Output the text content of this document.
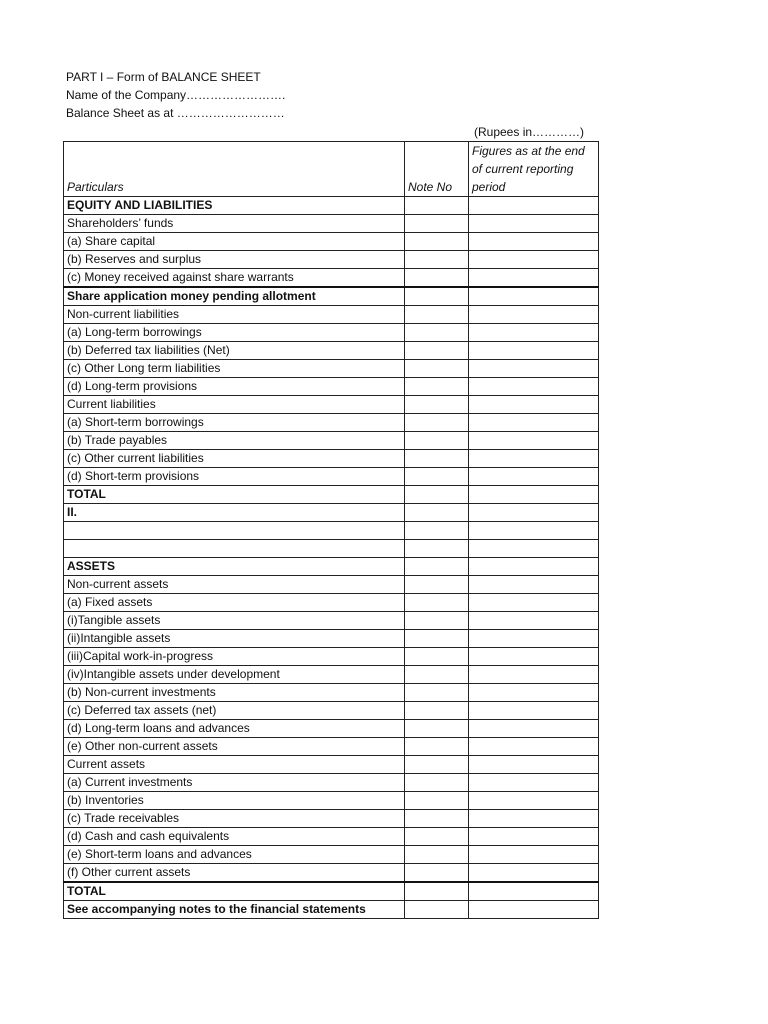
PART I – Form of BALANCE SHEET
Name of the Company…………………….
Balance Sheet as at ………………………
(Rupees in…………)
Particulars	Note No	Figures as at the end of current reporting period
EQUITY AND LIABILITIES		
Shareholders’ funds		
(a) Share capital		
(b) Reserves and surplus		
(c) Money received against share warrants		
Share application money pending allotment		
Non-current liabilities		
(a) Long-term borrowings		
(b) Deferred tax liabilities (Net)		
(c) Other Long term liabilities		
(d) Long-term provisions		
Current liabilities		
(a) Short-term borrowings		
(b) Trade payables		
(c) Other current liabilities		
(d) Short-term provisions		
TOTAL		
II.		

ASSETS		
Non-current assets		
(a) Fixed assets		
(i)Tangible assets		
(ii)Intangible assets		
(iii)Capital work-in-progress		
(iv)Intangible assets under development		
(b) Non-current investments		
(c) Deferred tax assets (net)		
(d) Long-term loans and advances		
(e) Other non-current assets		
Current assets		
(a) Current investments		
(b) Inventories		
(c) Trade receivables		
(d) Cash and cash equivalents		
(e) Short-term loans and advances		
(f) Other current assets		
TOTAL		
See accompanying notes to the financial statements		
